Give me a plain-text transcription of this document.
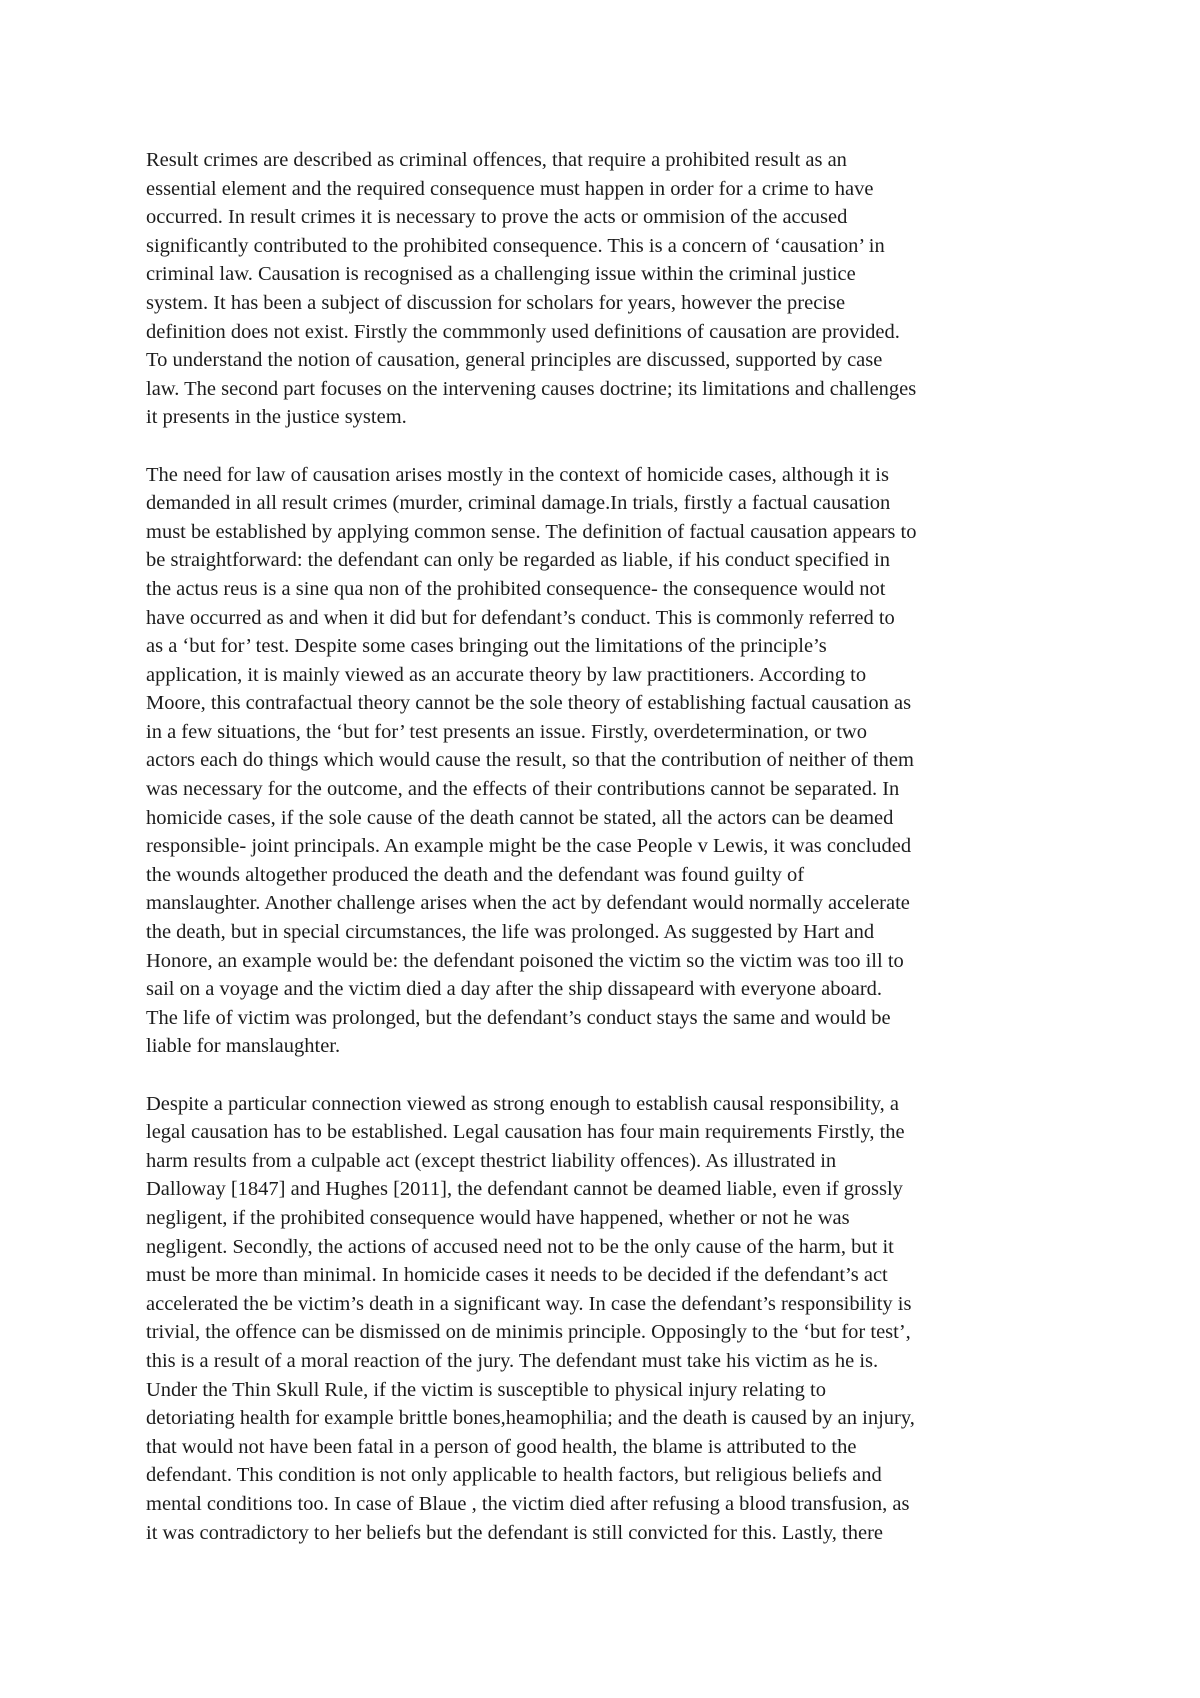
Result crimes are described as criminal offences, that require a prohibited result as an
essential element and the required consequence must happen in order for a crime to have
occurred. In result crimes it is necessary to prove the acts or ommision of the accused
significantly contributed to the prohibited consequence. This is a concern of ‘causation’ in
criminal law. Causation is recognised as a challenging issue within the criminal justice
system. It has been a subject of discussion for scholars for years, however the precise
definition does not exist. Firstly the commmonly used definitions of causation are provided.
To understand the notion of causation, general principles are discussed, supported by case
law. The second part focuses on the intervening causes doctrine; its limitations and challenges
it presents in the justice system.
The need for law of causation arises mostly in the context of homicide cases, although it is
demanded in all result crimes (murder, criminal damage.In trials, firstly a factual causation
must be established by applying common sense. The definition of factual causation appears to
be straightforward: the defendant can only be regarded as liable, if his conduct specified in
the actus reus is a sine qua non of the prohibited consequence- the consequence would not
have occurred as and when it did but for defendant’s conduct. This is commonly referred to
as a ‘but for’ test. Despite some cases bringing out the limitations of the principle’s
application, it is mainly viewed as an accurate theory by law practitioners. According to
Moore, this contrafactual theory cannot be the sole theory of establishing factual causation as
in a few situations, the ‘but for’ test presents an issue. Firstly, overdetermination, or two
actors each do things which would cause the result, so that the contribution of neither of them
was necessary for the outcome, and the effects of their contributions cannot be separated. In
homicide cases, if the sole cause of the death cannot be stated, all the actors can be deamed
responsible- joint principals. An example might be the case People v Lewis, it was concluded
the wounds altogether produced the death and the defendant was found guilty of
manslaughter. Another challenge arises when the act by defendant would normally accelerate
the death, but in special circumstances, the life was prolonged. As suggested by Hart and
Honore, an example would be: the defendant poisoned the victim so the victim was too ill to
sail on a voyage and the victim died a day after the ship dissapeard with everyone aboard.
The life of victim was prolonged, but the defendant’s conduct stays the same and would be
liable for manslaughter.
Despite a particular connection viewed as strong enough to establish causal responsibility, a
legal causation has to be established. Legal causation has four main requirements Firstly, the
harm results from a culpable act (except thestrict liability offences). As illustrated in
Dalloway [1847] and Hughes [2011], the defendant cannot be deamed liable, even if grossly
negligent, if the prohibited consequence would have happened, whether or not he was
negligent. Secondly, the actions of accused need not to be the only cause of the harm, but it
must be more than minimal. In homicide cases it needs to be decided if the defendant’s act
accelerated the be victim’s death in a significant way. In case the defendant’s responsibility is
trivial, the offence can be dismissed on de minimis principle. Opposingly to the ‘but for test’,
this is a result of a moral reaction of the jury. The defendant must take his victim as he is.
Under the Thin Skull Rule, if the victim is susceptible to physical injury relating to
detoriating health for example brittle bones,heamophilia; and the death is caused by an injury,
that would not have been fatal in a person of good health, the blame is attributed to the
defendant. This condition is not only applicable to health factors, but religious beliefs and
mental conditions too. In case of Blaue , the victim died after refusing a blood transfusion, as
it was contradictory to her beliefs but the defendant is still convicted for this. Lastly, there
